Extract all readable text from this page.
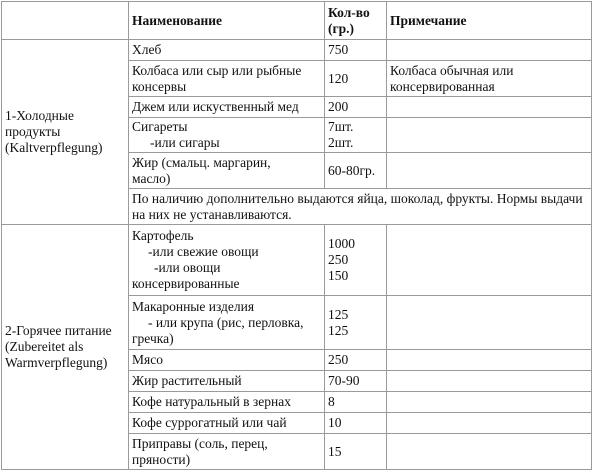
	Наименование	Кол-во
(гр.)	Примечание

1-Холодные
продукты
(Kaltverpflegung)	Хлеб	750	

	Колбаса или сыр или рыбные
консервы	120	Колбаса обычная или
консервированная

	Джем или искуственный мед	200	

	Сигареты
-или сигары	7шт.
2шт.	

	Жир (смальц. маргарин,
масло)	60-80гр.	

	По наличию дополнительно выдаются яйца, шоколад, фрукты. Нормы выдачи на них не устанавливаются.		

2-Горячее питание
(Zubereitet als
Warmverpflegung)	Картофель
-или свежие овощи
-или овощи
консервированные	1000
250
150	

	Макаронные изделия
- или крупа (рис, перловка,
гречка)	125
125	

	Мясо	250	

	Жир растительный	70-90	

	Кофе натуральный в зернах	8	

	Кофе суррогатный или чай	10	

	Приправы (соль, перец,
пряности)	15	
